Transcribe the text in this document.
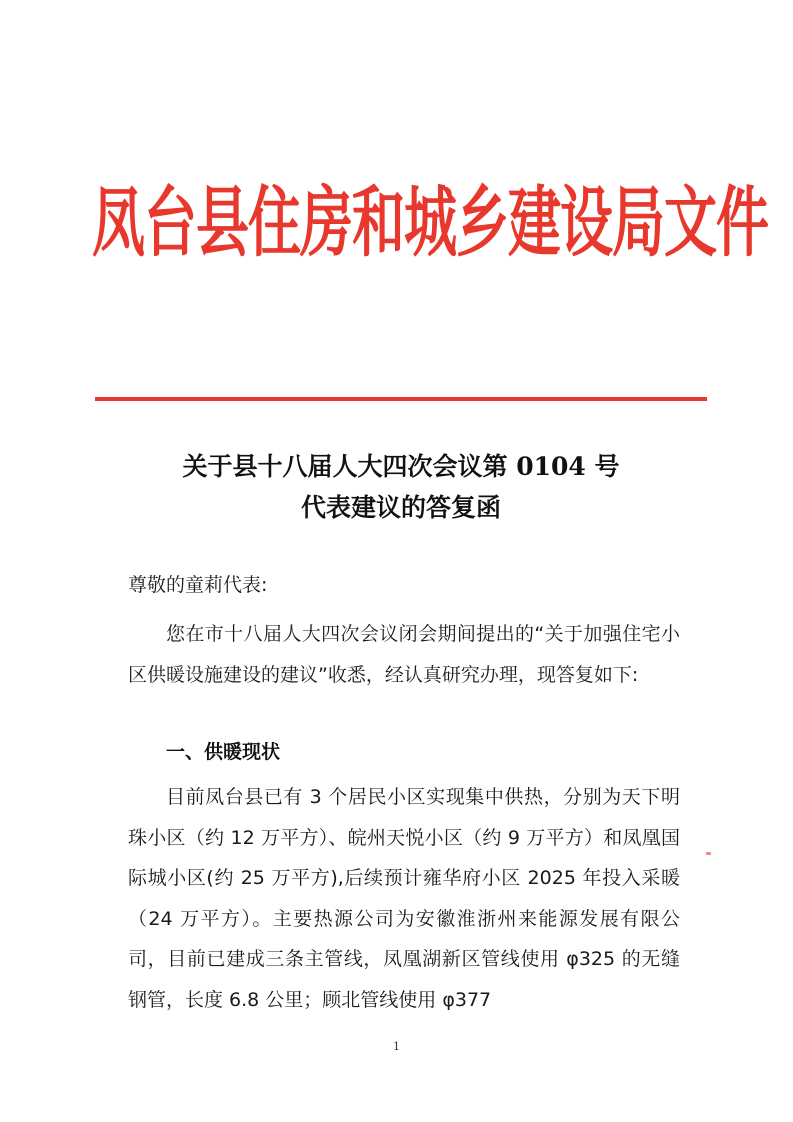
凤台县住房和城乡建设局文件
关于县十八届人大四次会议第 0104 号
代表建议的答复函
尊敬的童莉代表:
您在市十八届人大四次会议闭会期间提出的“关于加强住宅小区供暖设施建设的建议”收悉，经认真研究办理，现答复如下:
一、供暖现状
目前凤台县已有 3 个居民小区实现集中供热，分别为天下明珠小区（约 12 万平方）、皖州天悦小区（约 9 万平方）和凤凰国际城小区(约 25 万平方),后续预计雍华府小区 2025 年投入采暖（24 万平方）。主要热源公司为安徽淮浙州来能源发展有限公司，目前已建成三条主管线，凤凰湖新区管线使用 φ325 的无缝钢管，长度 6.8 公里；顾北管线使用 φ377
1
